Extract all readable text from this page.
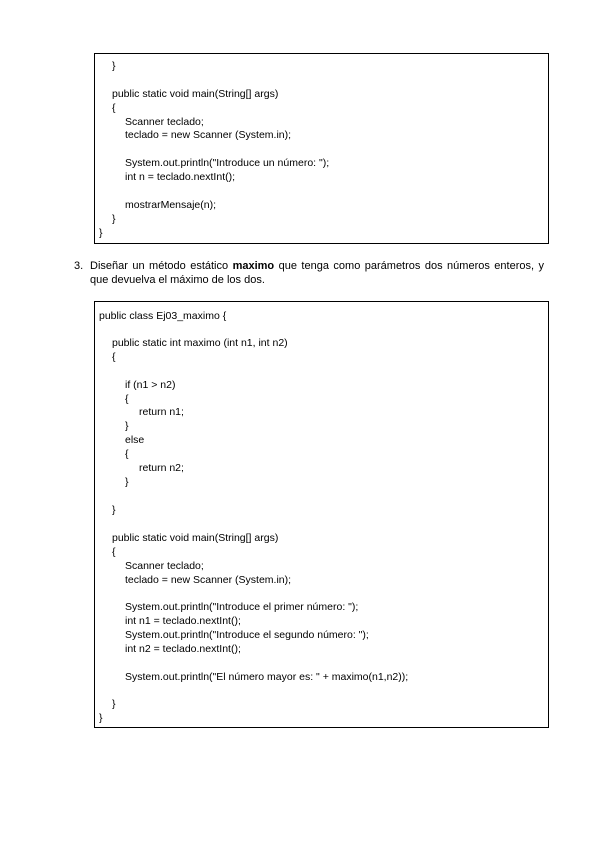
}
public static void main(String[] args)
{
Scanner teclado;
teclado = new Scanner (System.in);
System.out.println("Introduce un número: ");
int n = teclado.nextInt();
mostrarMensaje(n);
}
}
3. Diseñar un método estático maximo que tenga como parámetros dos números enteros, y que devuelva el máximo de los dos.
public class Ej03_maximo {
public static int maximo (int n1, int n2)
{
if (n1 > n2)
{
return n1;
}
else
{
return n2;
}
}
public static void main(String[] args)
{
Scanner teclado;
teclado = new Scanner (System.in);
System.out.println("Introduce el primer número: ");
int n1 = teclado.nextInt();
System.out.println("Introduce el segundo número: ");
int n2 = teclado.nextInt();
System.out.println("El número mayor es: " + maximo(n1,n2));
}
}
